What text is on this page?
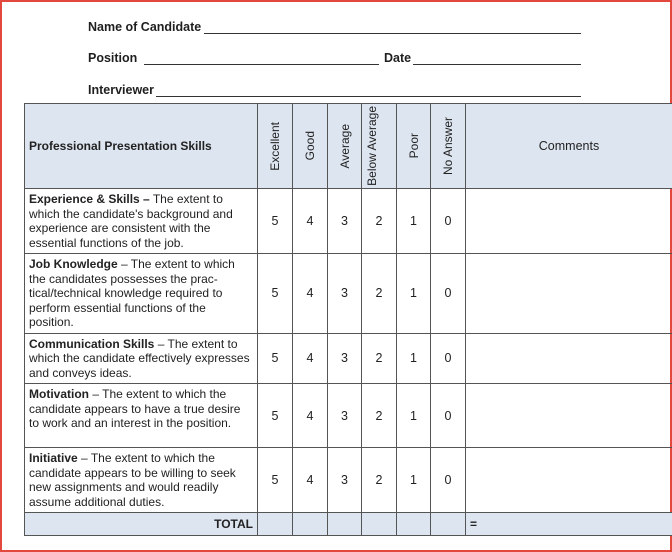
Name of Candidate
Position	Date
Interviewer
Professional Presentation Skills	Excellent	Good	Average	Below Average	Poor	No Answer	Comments
Experience & Skills – The extent to which the candidate's background and experience are consistent with the essential functions of the job.	5	4	3	2	1	0	
Job Knowledge – The extent to which the candidates possesses the prac-tical/technical knowledge required to perform essential functions of the position.	5	4	3	2	1	0	
Communication Skills – The extent to which the candidate effectively expresses and conveys ideas.	5	4	3	2	1	0	
Motivation – The extent to which the candidate appears to have a true desire to work and an interest in the position.	5	4	3	2	1	0	
Initiative – The extent to which the candidate appears to be willing to seek new assignments and would readily assume additional duties.	5	4	3	2	1	0	
TOTAL							=
